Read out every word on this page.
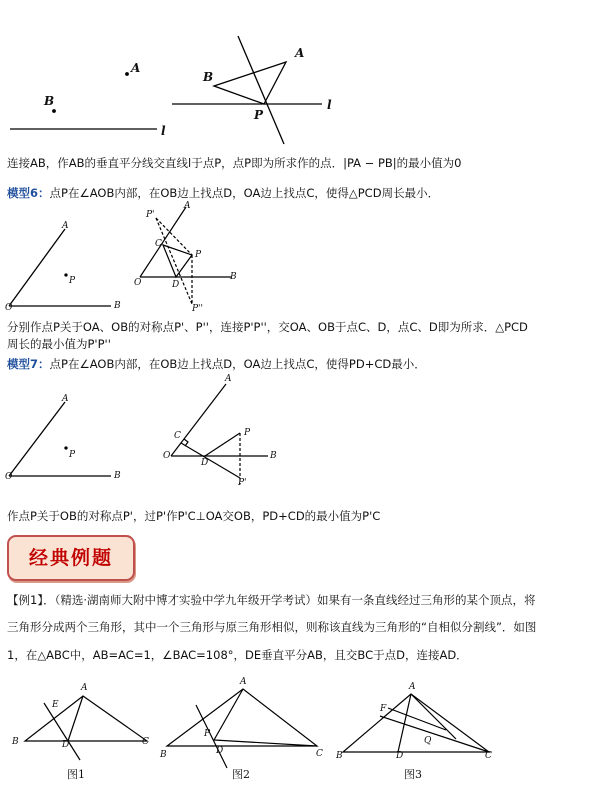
A
B
l
A
B
P
l
连接AB，作AB的垂直平分线交直线l于点P，点P即为所求作的点．|PA − PB|的最小值为0
模型6：点P在∠AOB内部，在OB边上找点D，OA边上找点C，使得△PCD周长最小．
A
P
O	B
P'
A
C
P
O	D
B
P''
分别作点P关于OA、OB的对称点P'、P''，连接P'P''，交OA、OB于点C、D，点C、D即为所求．△PCD
周长的最小值为P'P''
模型7：点P在∠AOB内部，在OB边上找点D，OA边上找点C，使得PD+CD最小．
A
P
O	B
A
C	P
O
D
B
P'
作点P关于OB的对称点P'，过P'作P'C⊥OA交OB，PD+CD的最小值为P'C
经典例题
【例1】．（精选·湖南师大附中博才实验中学九年级开学考试）如果有一条直线经过三角形的某个顶点，将
三角形分成两个三角形，其中一个三角形与原三角形相似，则称该直线为三角形的“自相似分割线”．如图
1，在△ABC中，AB=AC=1，∠BAC=108°，DE垂直平分AB，且交BC于点D，连接AD．
A
E
B	D	C
图1
A
P
B	D	C
图2
A
F
Q
B	D	C
图3
